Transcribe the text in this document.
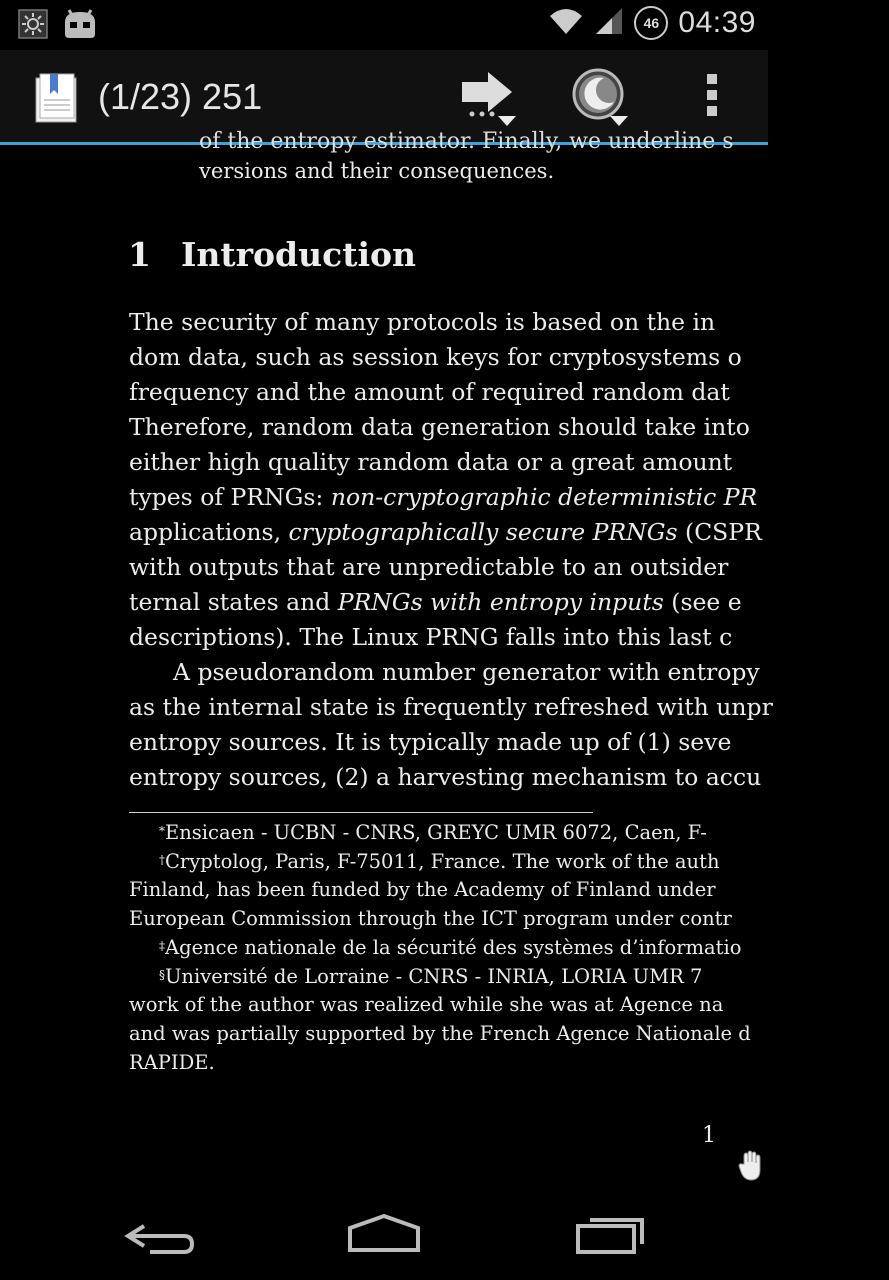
46 04:39
(1/23) 251
of the entropy estimator. Finally, we underline s
versions and their consequences.
1 Introduction
The security of many protocols is based on the in
dom data, such as session keys for cryptosystems o
frequency and the amount of required random dat
Therefore, random data generation should take into
either high quality random data or a great amount
types of PRNGs: non-cryptographic deterministic PR
applications, cryptographically secure PRNGs (CSPR
with outputs that are unpredictable to an outsider
ternal states and PRNGs with entropy inputs (see e
descriptions). The Linux PRNG falls into this last c
A pseudorandom number generator with entropy
as the internal state is frequently refreshed with unpr
entropy sources. It is typically made up of (1) seve
entropy sources, (2) a harvesting mechanism to accu
*Ensicaen - UCBN - CNRS, GREYC UMR 6072, Caen, F-
†Cryptolog, Paris, F-75011, France. The work of the auth
Finland, has been funded by the Academy of Finland under
European Commission through the ICT program under contr
‡Agence nationale de la sécurité des systèmes d’informatio
§Université de Lorraine - CNRS - INRIA, LORIA UMR 7
work of the author was realized while she was at Agence na
and was partially supported by the French Agence Nationale d
RAPIDE.
1
